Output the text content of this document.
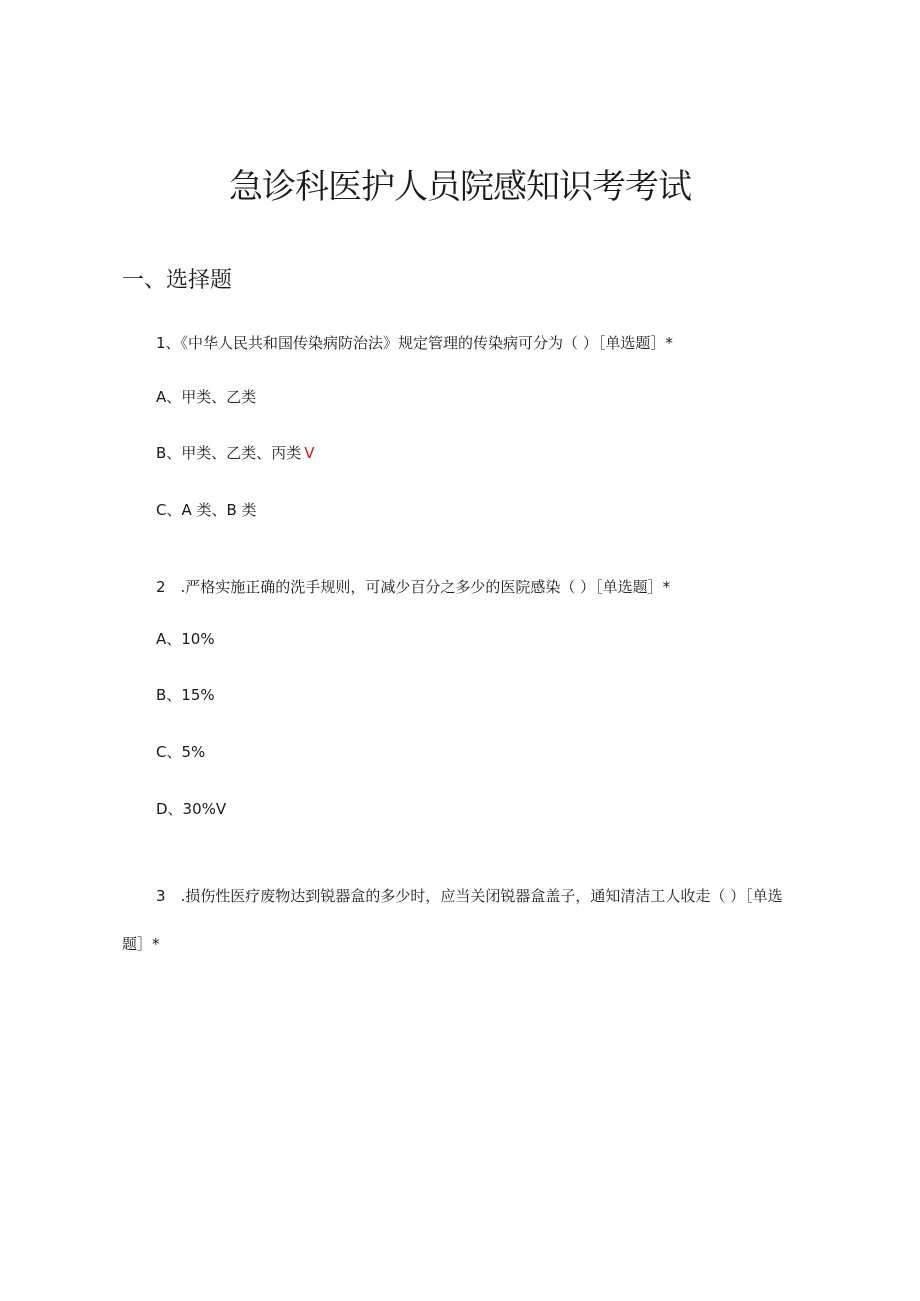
急诊科医护人员院感知识考考试
一、选择题
1、《中华人民共和国传染病防治法》规定管理的传染病可分为（ ）［单选题］*
A、甲类、乙类
B、甲类、乙类、丙类 V
C、A 类、B 类
2　.严格实施正确的洗手规则，可减少百分之多少的医院感染（ ）［单选题］*
A、10%
B、15%
C、5%
D、30%V

3　.损伤性医疗废物达到锐器盒的多少时，应当关闭锐器盒盖子，通知清洁工人收走（ ）［单选题］*
